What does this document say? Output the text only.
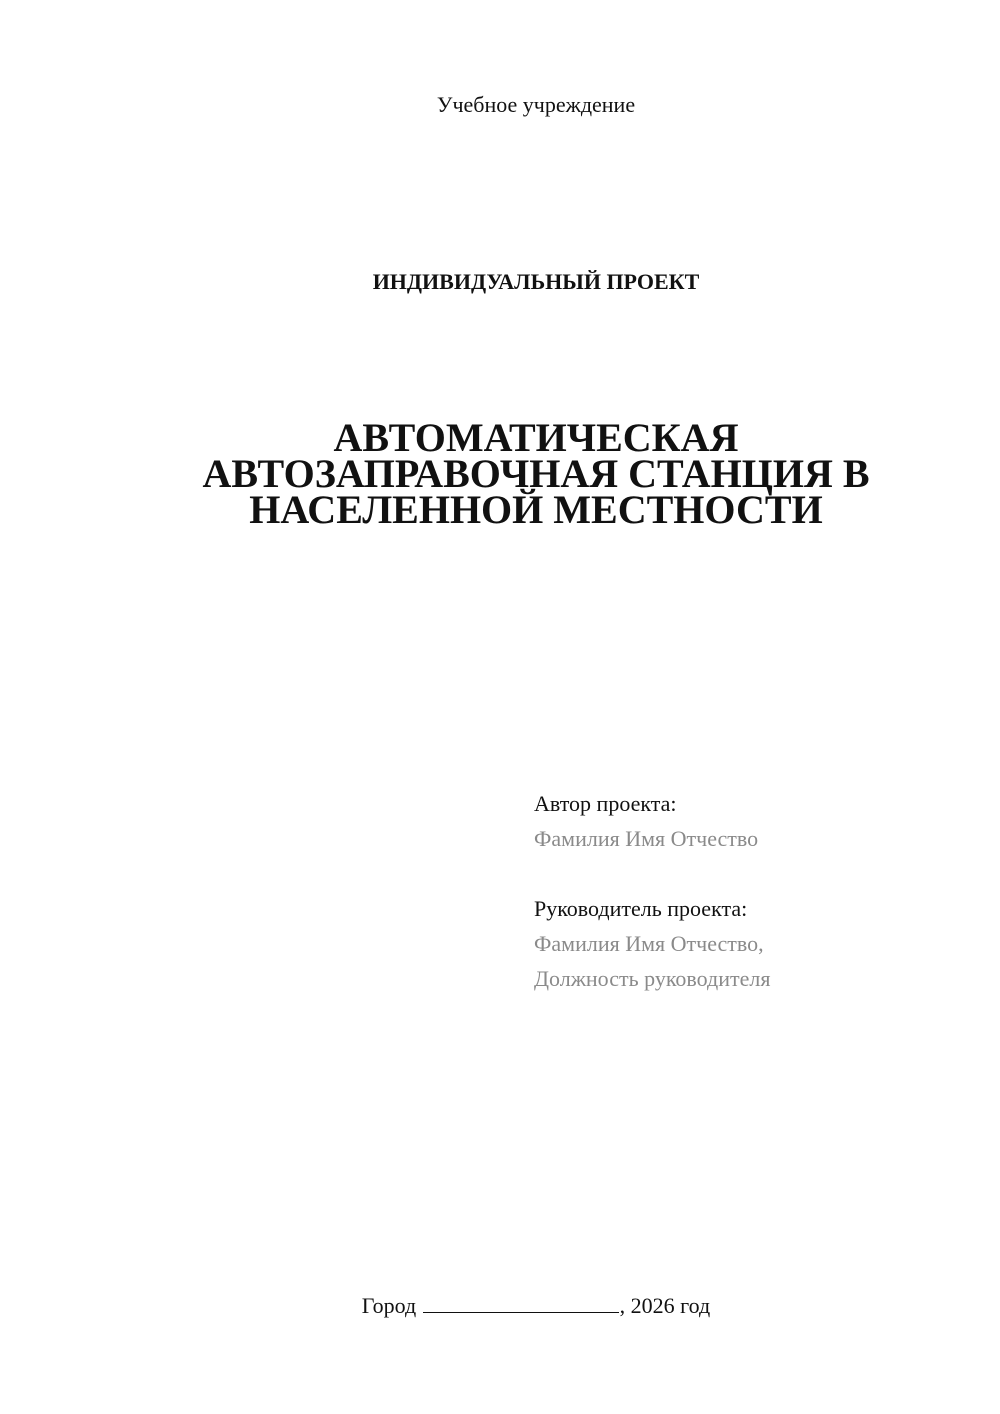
Учебное учреждение
ИНДИВИДУАЛЬНЫЙ ПРОЕКТ
АВТОМАТИЧЕСКАЯ
АВТОЗАПРАВОЧНАЯ СТАНЦИЯ В
НАСЕЛЕННОЙ МЕСТНОСТИ
Автор проекта:
Фамилия Имя Отчество
Руководитель проекта:
Фамилия Имя Отчество,
Должность руководителя
Город	, 2026 год
